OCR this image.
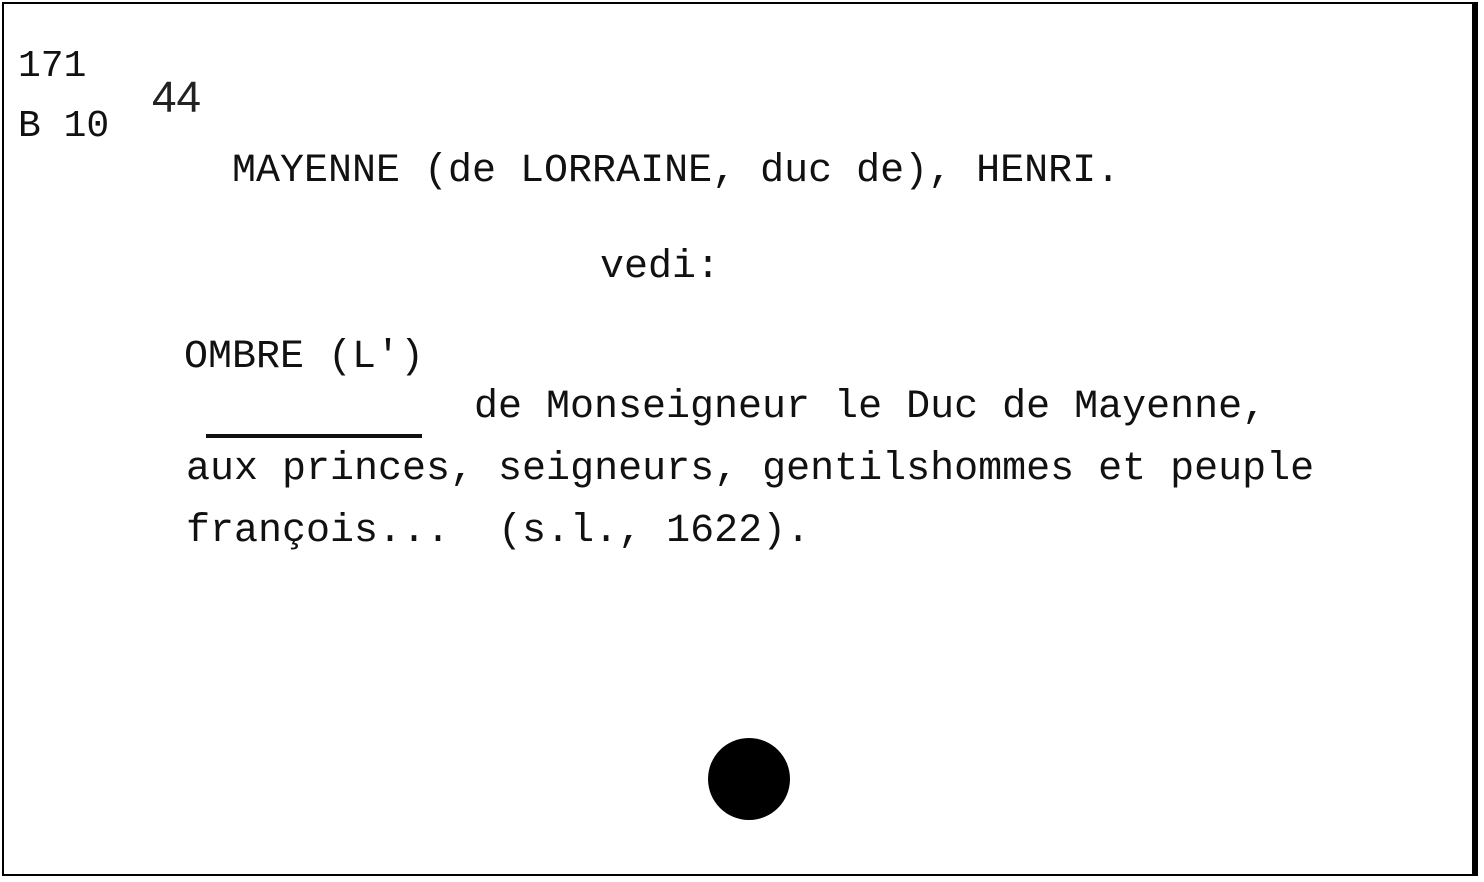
171
B 10
44
MAYENNE (de LORRAINE, duc de), HENRI.
vedi:
OMBRE (L')
de Monseigneur le Duc de Mayenne,
aux princes, seigneurs, gentilshommes et peuple
françois...  (s.l., 1622).
